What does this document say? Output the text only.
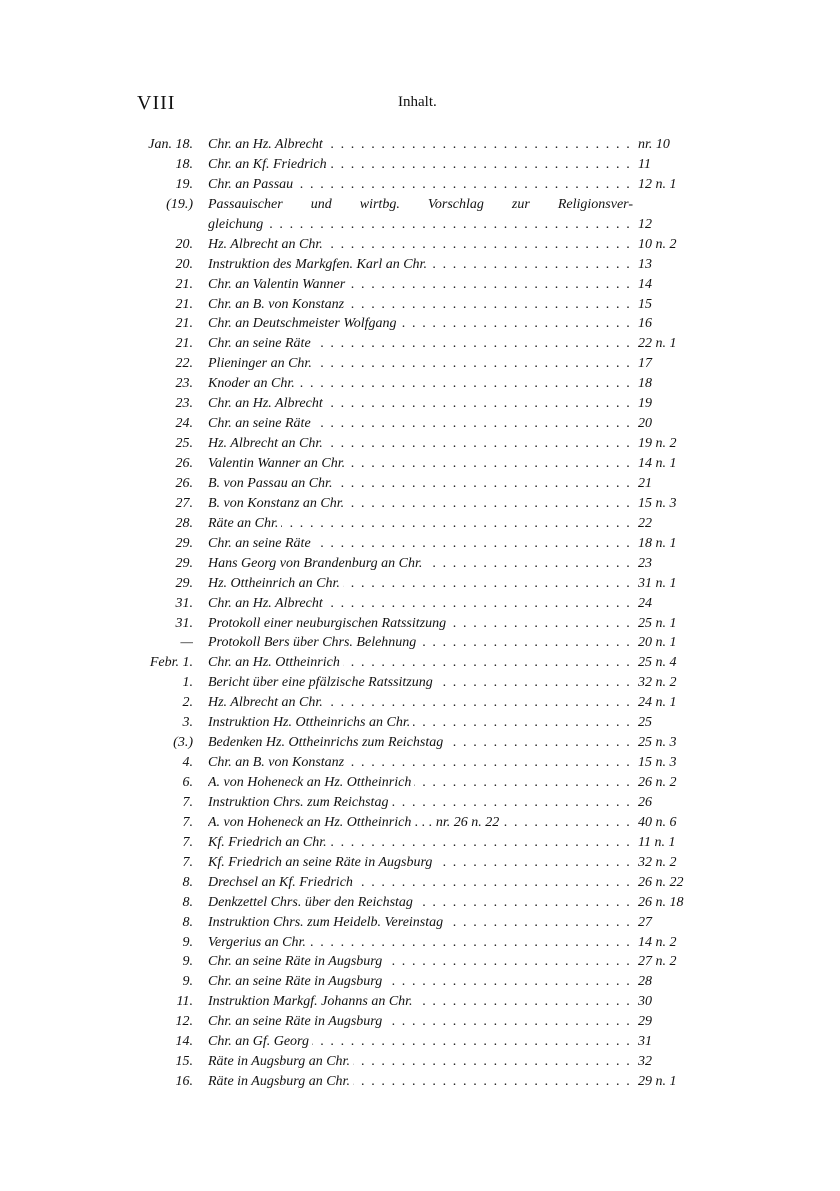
VIII	Inhalt.
Jan. 18. Chr. an Hz. Albrecht . . .	nr. 10
18. Chr. an Kf. Friedrich . . .	11
19. Chr. an Passau . . .	12 n. 1
(19.) Passauischer und wirtbg. Vorschlag zur Religionsver-
gleichung . . .	12
20. Hz. Albrecht an Chr. . . .	10 n. 2
20. Instruktion des Markgfen. Karl an Chr. . . .	13
21. Chr. an Valentin Wanner . . .	14
21. Chr. an B. von Konstanz . . .	15
21. Chr. an Deutschmeister Wolfgang . . .	16
21. Chr. an seine Räte . . .	22 n. 1
22. Plieninger an Chr. . . .	17
23. Knoder an Chr. . . .	18
23. Chr. an Hz. Albrecht . . .	19
24. Chr. an seine Räte . . .	20
25. Hz. Albrecht an Chr. . . .	19 n. 2
26. Valentin Wanner an Chr. . . .	14 n. 1
26. B. von Passau an Chr. . . .	21
27. B. von Konstanz an Chr. . . .	15 n. 3
28. Räte an Chr. . . .	22
29. Chr. an seine Räte . . .	18 n. 1
29. Hans Georg von Brandenburg an Chr. . . .	23
29. Hz. Ottheinrich an Chr. . . .	31 n. 1
31. Chr. an Hz. Albrecht . . .	24
31. Protokoll einer neuburgischen Ratssitzung . . .	25 n. 1
— Protokoll Bers über Chrs. Belehnung . . .	20 n. 1
Febr. 1. Chr. an Hz. Ottheinrich . . .	25 n. 4
1. Bericht über eine pfälzische Ratssitzung . . .	32 n. 2
2. Hz. Albrecht an Chr. . . .	24 n. 1
3. Instruktion Hz. Ottheinrichs an Chr. . . .	25
(3.) Bedenken Hz. Ottheinrichs zum Reichstag . . .	25 n. 3
4. Chr. an B. von Konstanz . . .	15 n. 3
6. A. von Hoheneck an Hz. Ottheinrich . . .	26 n. 2
7. Instruktion Chrs. zum Reichstag . . .	26
7. A. von Hoheneck an Hz. Ottheinrich . . . nr. 26 n. 22 . . .	40 n. 6
7. Kf. Friedrich an Chr. . . .	11 n. 1
7. Kf. Friedrich an seine Räte in Augsburg . . .	32 n. 2
8. Drechsel an Kf. Friedrich . . .	26 n. 22
8. Denkzettel Chrs. über den Reichstag . . .	26 n. 18
8. Instruktion Chrs. zum Heidelb. Vereinstag . . .	27
9. Vergerius an Chr. . . .	14 n. 2
9. Chr. an seine Räte in Augsburg . . .	27 n. 2
9. Chr. an seine Räte in Augsburg . . .	28
11. Instruktion Markgf. Johanns an Chr. . . .	30
12. Chr. an seine Räte in Augsburg . . .	29
14. Chr. an Gf. Georg . . .	31
15. Räte in Augsburg an Chr. . . .	32
16. Räte in Augsburg an Chr. . . .	29 n. 1
